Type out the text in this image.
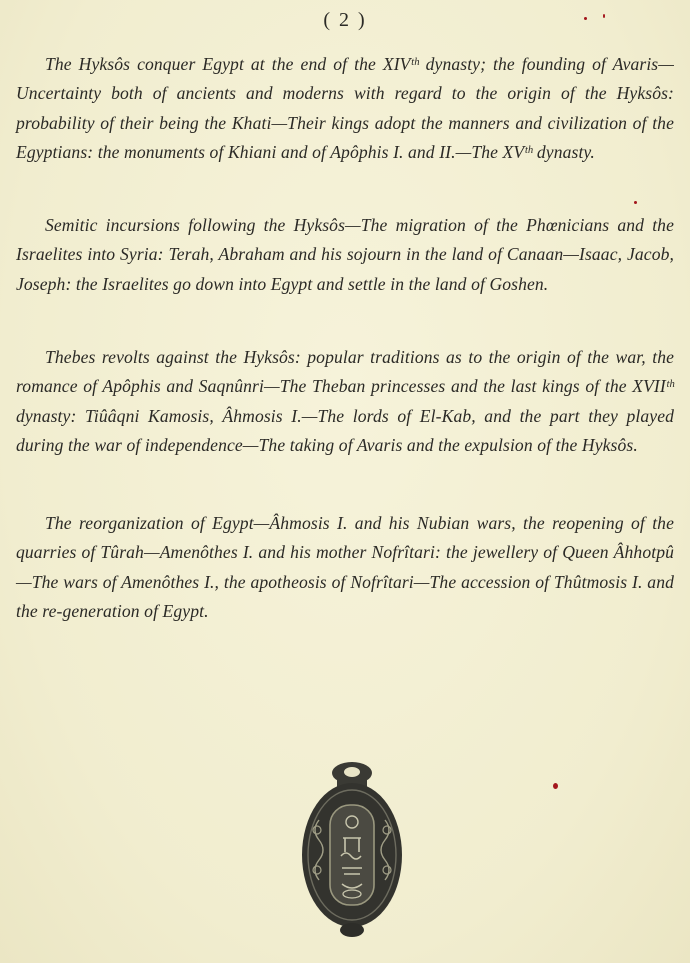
( 2 )

The Hyksôs conquer Egypt at the end of the XIVᵗʰ dynasty; the founding of Avaris—Uncertainty both of ancients and moderns with regard to the origin of the Hyksôs: probability of their being the Khati—Their kings adopt the manners and civilization of the Egyptians: the monuments of Khiani and of Apôphis I. and II.—The XVᵗʰ dynasty.

Semitic incursions following the Hyksôs—The migration of the Phœnicians and the Israelites into Syria: Terah, Abraham and his sojourn in the land of Canaan—Isaac, Jacob, Joseph: the Israelites go down into Egypt and settle in the land of Goshen.

Thebes revolts against the Hyksôs: popular traditions as to the origin of the war, the romance of Apôphis and Saqnûnri—The Theban princesses and the last kings of the XVIIᵗʰ dynasty: Tiûâqni Kamosis, Âhmosis I.—The lords of El-Kab, and the part they played during the war of independence—The taking of Avaris and the expulsion of the Hyksôs.

The reorganization of Egypt—Âhmosis I. and his Nubian wars, the reopening of the quarries of Tûrah—Amenôthes I. and his mother Nofrîtari: the jewellery of Queen Âhhotpû—The wars of Amenôthes I., the apotheosis of Nofrîtari—The accession of Thûtmosis I. and the re-generation of Egypt.
